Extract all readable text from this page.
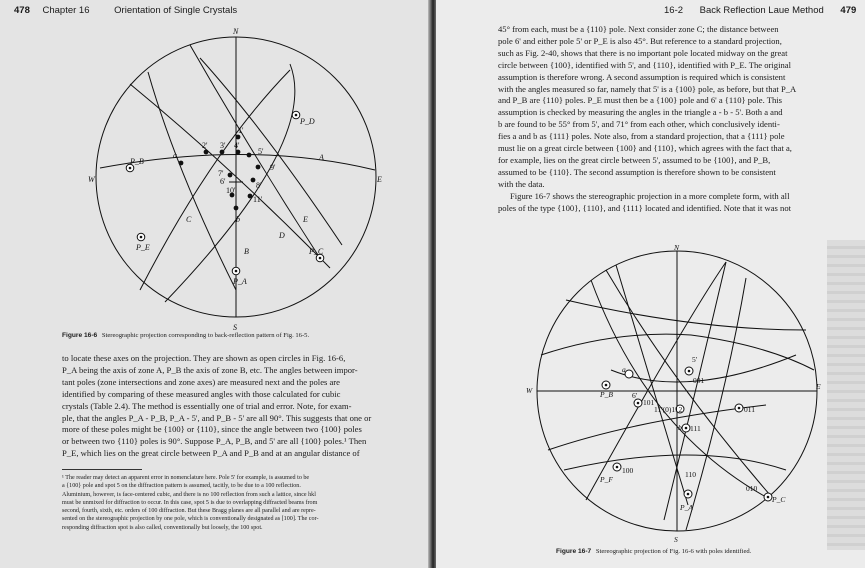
478 Chapter 16	Orientation of Single Crystals
N
S
W	E
A
B
C
D
E
P_D
P_B
P_E	P_C
P_A
a
b
1'
2' 3' 4'
5'
6'
7'
8'
9'
10'
11'
Figure 16-6 Stereographic projection corresponding to back-reflection pattern of Fig. 16-5.
to locate these axes on the projection. They are shown as open circles in Fig. 16-6,
P_A being the axis of zone A, P_B the axis of zone B, etc. The angles between impor-
tant poles (zone intersections and zone axes) are measured next and the poles are
identified by comparing of these measured angles with those calculated for cubic
crystals (Table 2.4). The method is essentially one of trial and error. Note, for exam-
ple, that the angles P_A - P_B, P_A - 5', and P_B - 5' are all 90°. This suggests that one or
more of these poles might be {100} or {110}, since the angle between two {100} poles
or between two {110} poles is 90°. Suppose P_A, P_B, and 5' are all {100} poles.¹ Then
P_E, which lies on the great circle between P_A and P_B and at an angular distance of
¹ The reader may detect an apparent error in nomenclature here. Pole 5' for example, is assumed to be
a {100} pole and spot 5 on the diffraction pattern is assumed, tacitly, to be due to a 100 reflection.
Aluminium, however, is face-centered cubic, and there is no 100 reflection from such a lattice, since hkl
must be unmixed for diffraction to occur. In this case, spot 5 is due to overlapping diffracted beams from
second, fourth, sixth, etc. orders of 100 diffraction. But these Bragg planes are all parallel and are repre-
sented on the stereographic projection by one pole, which is conventionally designated as [100]. The cor-
responding diffraction spot is also called, conventionally but loosely, the 100 spot.
16-2 Back Reflection Laue Method 479
45° from each, must be a {110} pole. Next consider zone C; the distance between
pole 6' and either pole 5' or P_E is also 45°. But reference to a standard projection,
such as Fig. 2-40, shows that there is no important pole located midway on the great
circle between {100}, identified with 5', and {110}, identified with P_E. The original
assumption is therefore wrong. A second assumption is required which is consistent
with the angles measured so far, namely that 5' is a {100} pole, as before, but that P_A
and P_B are {110} poles. P_E must then be a {100} pole and 6' a {110} pole. This
assumption is checked by measuring the angles in the triangle a - b - 5'. Both a and
b are found to be 55° from 5', and 71° from each other, which conclusively identi-
fies a and b as {111} poles. Note also, from a standard projection, that a {111} pole
must lie on a great circle between {100} and {110}, which agrees with the fact that a,
for example, lies on the great circle between 5', assumed to be {100}, and P_B,
assumed to be {110}. The second assumption is therefore shown to be consistent
with the data.
Figure 16-7 shows the stereographic projection in a more complete form, with all
poles of the type {100}, {110}, and {111} located and identified. Note that it was not
N
S
W	E
001
101
011
11'(0)112
111
100	110
010
P_B
P_F
P_A
P_C
5'
6'
a
b
Figure 16-7 Stereographic projection of Fig. 16-6 with poles identified.
